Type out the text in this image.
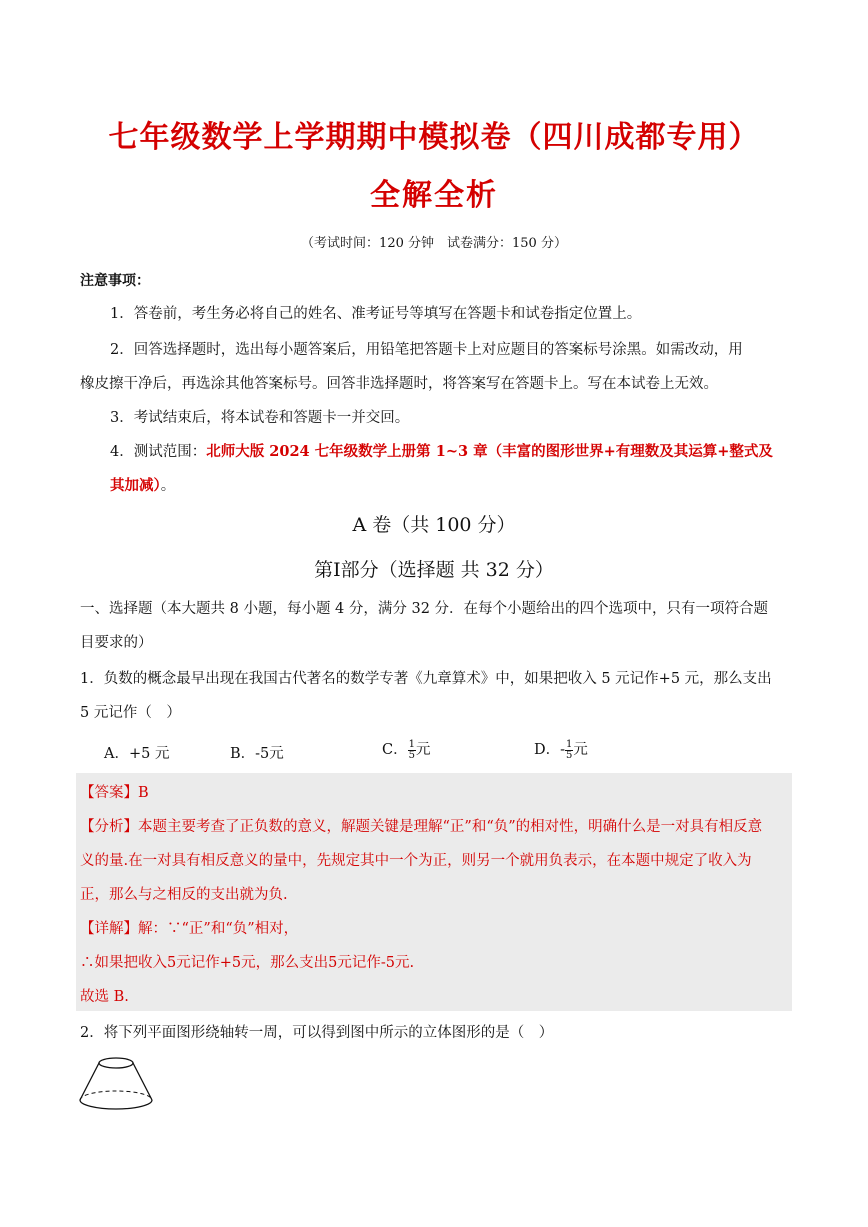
七年级数学上学期期中模拟卷（四川成都专用）
全解全析
（考试时间：120 分钟　试卷满分：150 分）
注意事项：
1．答卷前，考生务必将自己的姓名、准考证号等填写在答题卡和试卷指定位置上。
2．回答选择题时，选出每小题答案后，用铅笔把答题卡上对应题目的答案标号涂黑。如需改动，用
橡皮擦干净后，再选涂其他答案标号。回答非选择题时，将答案写在答题卡上。写在本试卷上无效。
3．考试结束后，将本试卷和答题卡一并交回。
4．测试范围：北师大版 2024 七年级数学上册第 1~3 章（丰富的图形世界+有理数及其运算+整式及
其加减）。
A 卷（共 100 分）
第Ⅰ部分（选择题 共 32 分）
一、选择题（本大题共 8 小题，每小题 4 分，满分 32 分．在每个小题给出的四个选项中，只有一项符合题
目要求的）
1．负数的概念最早出现在我国古代著名的数学专著《九章算术》中，如果把收入 5 元记作+5 元，那么支出
5 元记作（　）
A．+5 元	B．-5元	C． $\frac{1}{5}$ 元	D．- $\frac{1}{5}$ 元
【答案】B
【分析】本题主要考查了正负数的意义，解题关键是理解“正”和“负”的相对性，明确什么是一对具有相反意
义的量.在一对具有相反意义的量中，先规定其中一个为正，则另一个就用负表示，在本题中规定了收入为
正，那么与之相反的支出就为负.
【详解】解：∵“正”和“负”相对，
∴如果把收入5元记作+5元，那么支出5元记作-5元.
故选 B.
2．将下列平面图形绕轴转一周，可以得到图中所示的立体图形的是（　）
